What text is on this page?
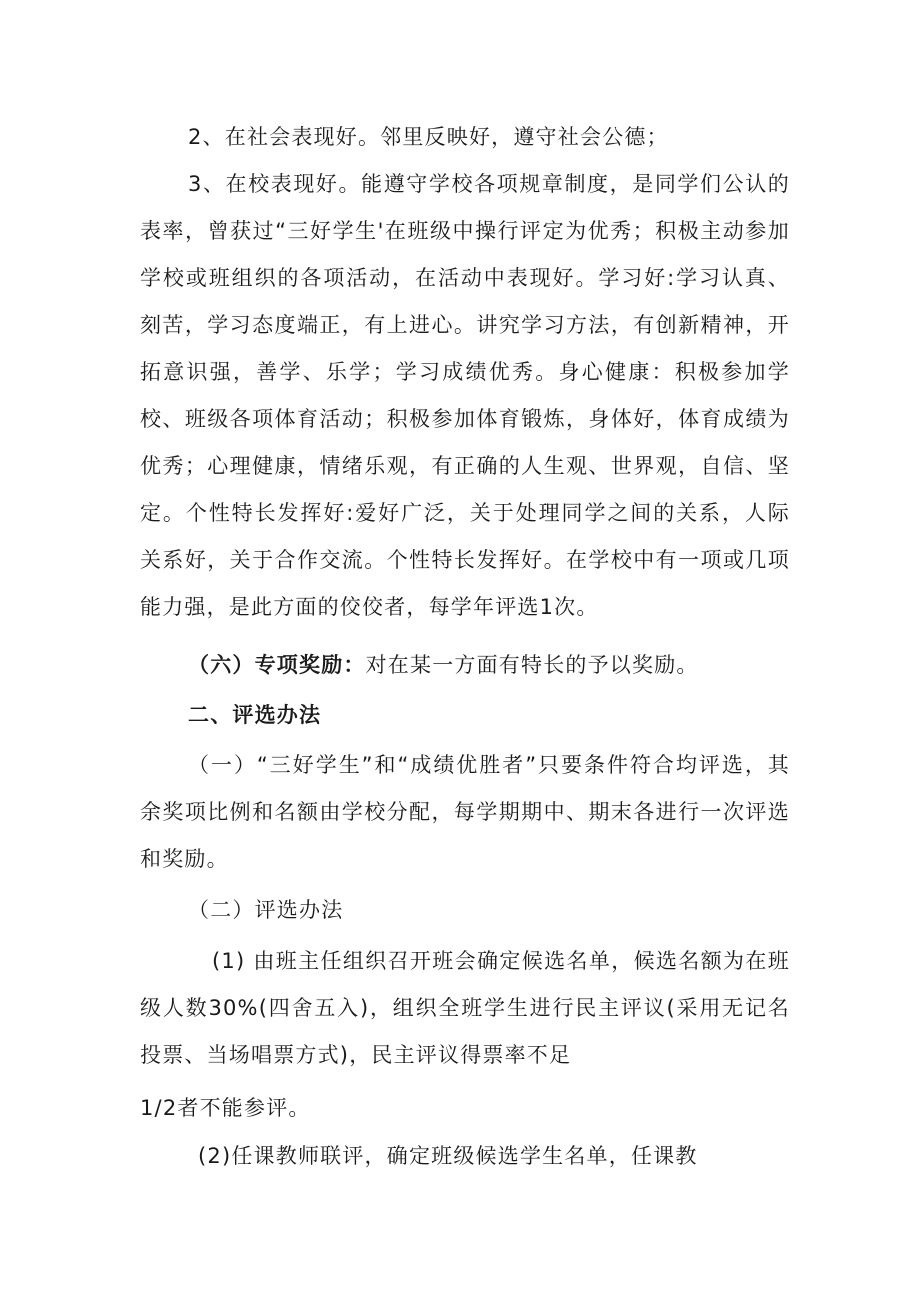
2、在社会表现好。邻里反映好，遵守社会公德；

3、在校表现好。能遵守学校各项规章制度，是同学们公认的表率，曾获过“三好学生'在班级中操行评定为优秀；积极主动参加学校或班组织的各项活动，在活动中表现好。学习好:学习认真、刻苦，学习态度端正，有上进心。讲究学习方法，有创新精神，开拓意识强，善学、乐学；学习成绩优秀。身心健康：积极参加学校、班级各项体育活动；积极参加体育锻炼，身体好，体育成绩为优秀；心理健康，情绪乐观，有正确的人生观、世界观，自信、坚定。个性特长发挥好:爱好广泛，关于处理同学之间的关系，人际关系好，关于合作交流。个性特长发挥好。在学校中有一项或几项能力强，是此方面的佼佼者，每学年评选1次。

（六）专项奖励：对在某一方面有特长的予以奖励。

二、评选办法

（一）“三好学生”和“成绩优胜者”只要条件符合均评选，其余奖项比例和名额由学校分配，每学期期中、期末各进行一次评选和奖励。

（二）评选办法

(1) 由班主任组织召开班会确定候选名单，候选名额为在班级人数30%(四舍五入)，组织全班学生进行民主评议(采用无记名投票、当场唱票方式)，民主评议得票率不足

1/2者不能参评。

(2)任课教师联评，确定班级候选学生名单，任课教
